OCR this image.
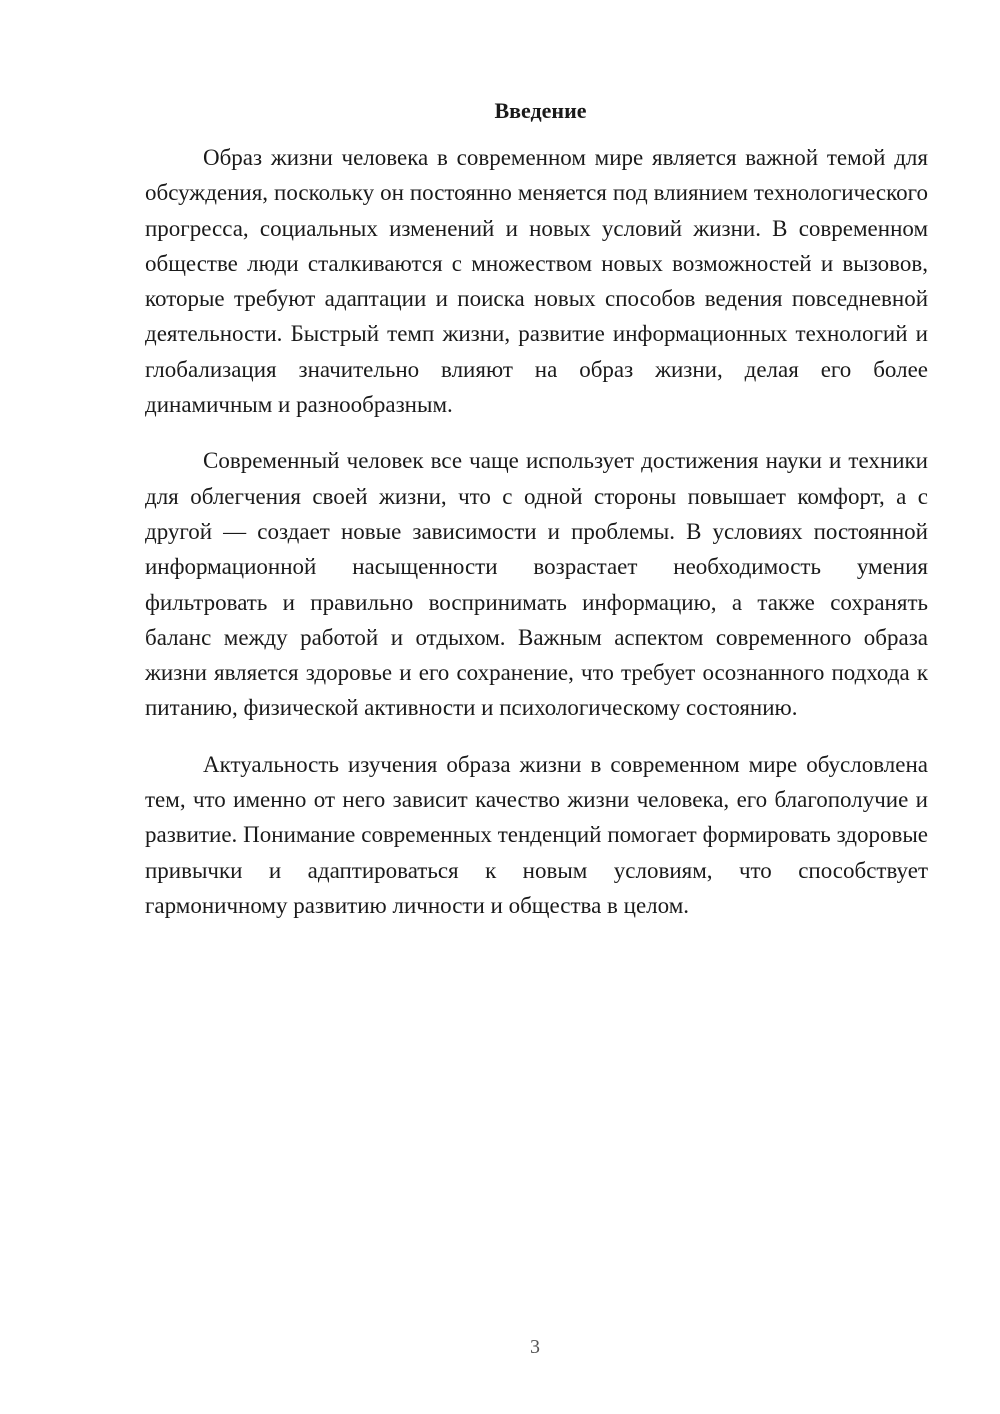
Введение

Образ жизни человека в современном мире является важной темой для обсуждения, поскольку он постоянно меняется под влиянием технологического прогресса, социальных изменений и новых условий жизни. В современном обществе люди сталкиваются с множеством новых возможностей и вызовов, которые требуют адаптации и поиска новых способов ведения повседневной деятельности. Быстрый темп жизни, развитие информационных технологий и глобализация значительно влияют на образ жизни, делая его более динамичным и разнообразным.

Современный человек все чаще использует достижения науки и техники для облегчения своей жизни, что с одной стороны повышает комфорт, а с другой — создает новые зависимости и проблемы. В условиях постоянной информационной насыщенности возрастает необходимость умения фильтровать и правильно воспринимать информацию, а также сохранять баланс между работой и отдыхом. Важным аспектом современного образа жизни является здоровье и его сохранение, что требует осознанного подхода к питанию, физической активности и психологическому состоянию.

Актуальность изучения образа жизни в современном мире обусловлена тем, что именно от него зависит качество жизни человека, его благополучие и развитие. Понимание современных тенденций помогает формировать здоровые привычки и адаптироваться к новым условиям, что способствует гармоничному развитию личности и общества в целом.

3
